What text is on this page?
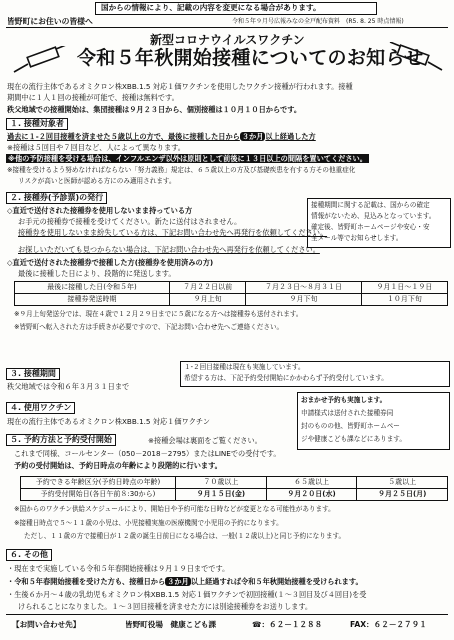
国からの情報により、記載の内容を変更になる場合があります。
皆野町にお住いの皆様へ	令和５年９月号広報みなの全戸配布資料　(R5. 8. 25 時点情報)
新型コロナウイルスワクチン
令和５年秋開始接種についてのお知らせ
現在の流行主体であるオミクロン株XBB.1.5 対応１価ワクチンを使用したワクチン接種が行われます。接種
期間中に１人１回の接種が可能で、接種は無料です。
秩父地域での接種開始は、集団接種は９月２３日から、個別接種は１０月１０日からです。
１. 接種対象者
過去に１-２回目接種を済ませた５歳以上の方で、最後に接種した日から ３か月 以上経過した方
※接種は５回目や７回目など、人によって異なります。
※他の予防接種を受ける場合は、インフルエンザ以外は原則として前後に１３日以上の間隔を置いてください。
※接種を受けるよう努めなければならない「努力義務」規定は、６５歳以上の方及び基礎疾患を有する方その他重症化
リスクが高いと医師が認める方にのみ適用されます。
接種期間に関する記載は、国からの確定
情報がないため、見込みとなっています。
確定後、皆野町ホームページや安心・安
全メール等でお知らせします。
２. 接種券(予診票)の発行
◇直近で送付された接種券を使用しないまま持っている方
お手元の接種券で接種を受けてください。新たに送付はされません。
接種券を使用しないまま紛失している方は、下記お問い合わせ先へ再発行を依頼してください。
お探しいただいても見つからない場合は、下記お問い合わせ先へ再発行を依頼してください。
◇直近で送付された接種券で接種した方(接種券を使用済みの方)
最後に接種した日により、段階的に発送します。
最後に接種した日(令和５年)	７月２２日以前	７月２３日～８月３１日	９月１日～１９日
接種券発送時期	９月上旬	９月下旬	１０月下旬
※９月上旬発送分では、現在４歳で１２月２９日までに５歳になる方へは接種券も送付されます。
※皆野町へ転入された方は手続きが必要ですので、下記お問い合わせ先へご連絡ください。
３. 接種期間
秩父地域では令和６年３月３１日まで
１-２回目接種は現在も実施しています。
希望する方は、下記予約受付開始にかかわらず予約受付しています。
４. 使用ワクチン
現在の流行主体であるオミクロン株XBB.1.5 対応１価ワクチン
おまかせ予約も実施します。
申請様式は送付された接種券同
封のものの他、皆野町ホームペー
ジや健康こども課などにあります。
５. 予約方法と予約受付開始	※接種会場は裏面をご覧ください。
これまで同様、コールセンター（050－2018－2795）またはLINEでの受付です。
予約の受付開始は、予約日時点の年齢により段階的に行います。
予約できる年齢区分(予約日時点の年齢)	７０歳以上	６５歳以上	５歳以上
予約受付開始日(各日午前８:30から)	９月１５日(金)	９月２０日(水)	９月２５日(月)
※国からのワクチン供給スケジュールにより、開始日や予約可能な日時などが変更となる可能性があります。
※接種日時点で５～１１歳の小児は、小児接種実施の医療機関で小児用の予約になります。
ただし、１１歳の方で接種日が１２歳の誕生日前日になる場合は、一般(１２歳以上)と同じ予約になります。
６. その他
・現在まで実施している令和５年春開始接種は９月１９日までです。
・令和５年春開始接種を受けた方も、接種日から ３か月 以上経過すれば令和５年秋開始接種を受けられます。
・生後６か月～４歳の乳幼児もオミクロン株XBB.1.5 対応１価ワクチンで初回接種(１～３回目及び４回目)を受
けられることになりました。１～３回目接種を済ませた方には別途接種券をお送りします。
【お問い合わせ先】	皆野町役場　健康こども課	☎：６２－１２８８	FAX：６２－２７９１
